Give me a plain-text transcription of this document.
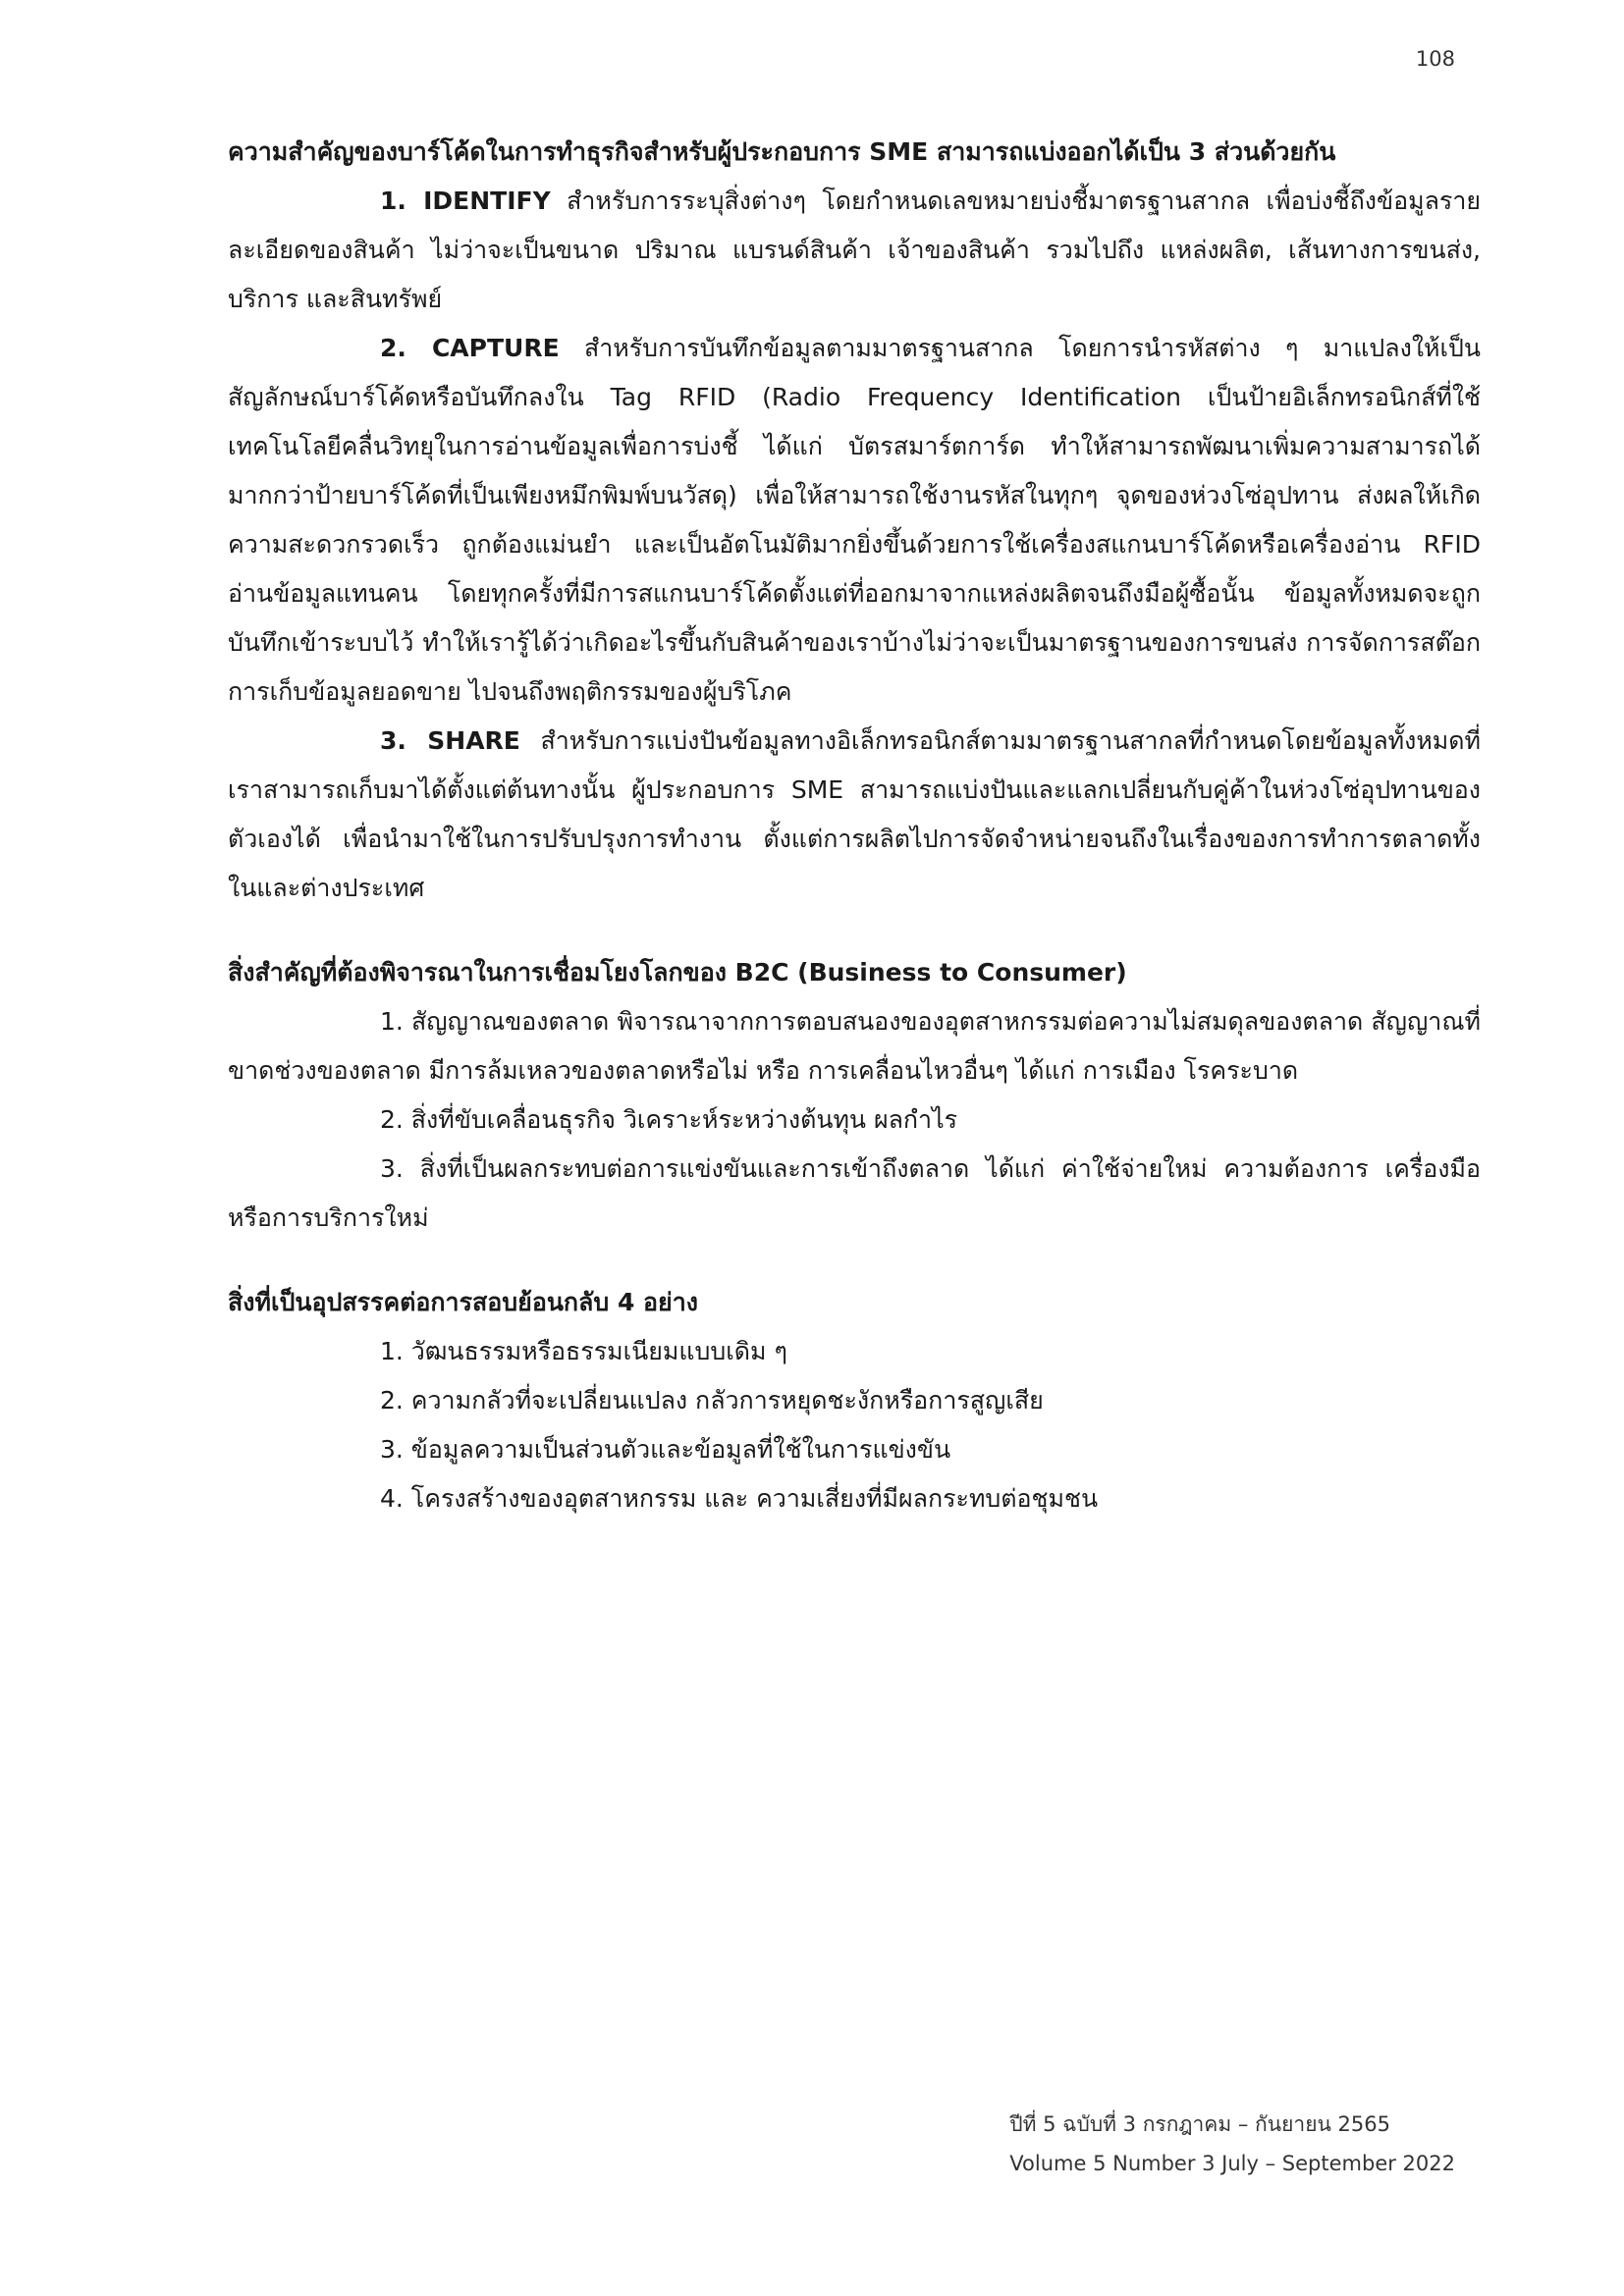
108

ความสำคัญของบาร์โค้ดในการทำธุรกิจสำหรับผู้ประกอบการ SME สามารถแบ่งออกได้เป็น 3 ส่วนด้วยกัน

1. IDENTIFY สำหรับการระบุสิ่งต่างๆ โดยกำหนดเลขหมายบ่งชี้มาตรฐานสากล เพื่อบ่งชี้ถึงข้อมูลรายละเอียดของสินค้า ไม่ว่าจะเป็นขนาด ปริมาณ แบรนด์สินค้า เจ้าของสินค้า รวมไปถึง แหล่งผลิต, เส้นทางการขนส่ง, บริการ และสินทรัพย์

2. CAPTURE สำหรับการบันทึกข้อมูลตามมาตรฐานสากล โดยการนำรหัสต่าง ๆ มาแปลงให้เป็นสัญลักษณ์บาร์โค้ดหรือบันทึกลงใน Tag RFID (Radio Frequency Identification เป็นป้ายอิเล็กทรอนิกส์ที่ใช้เทคโนโลยีคลื่นวิทยุในการอ่านข้อมูลเพื่อการบ่งชี้ ได้แก่ บัตรสมาร์ตการ์ด ทำให้สามารถพัฒนาเพิ่มความสามารถได้มากกว่าป้ายบาร์โค้ดที่เป็นเพียงหมึกพิมพ์บนวัสดุ) เพื่อให้สามารถใช้งานรหัสในทุกๆ จุดของห่วงโซ่อุปทาน ส่งผลให้เกิดความสะดวกรวดเร็ว ถูกต้องแม่นยำ และเป็นอัตโนมัติมากยิ่งขึ้นด้วยการใช้เครื่องสแกนบาร์โค้ดหรือเครื่องอ่าน RFID อ่านข้อมูลแทนคน โดยทุกครั้งที่มีการสแกนบาร์โค้ดตั้งแต่ที่ออกมาจากแหล่งผลิตจนถึงมือผู้ซื้อนั้น ข้อมูลทั้งหมดจะถูกบันทึกเข้าระบบไว้ ทำให้เรารู้ได้ว่าเกิดอะไรขึ้นกับสินค้าของเราบ้างไม่ว่าจะเป็นมาตรฐานของการขนส่ง การจัดการสต๊อก การเก็บข้อมูลยอดขาย ไปจนถึงพฤติกรรมของผู้บริโภค

3. SHARE สำหรับการแบ่งปันข้อมูลทางอิเล็กทรอนิกส์ตามมาตรฐานสากลที่กำหนดโดยข้อมูลทั้งหมดที่เราสามารถเก็บมาได้ตั้งแต่ต้นทางนั้น ผู้ประกอบการ SME สามารถแบ่งปันและแลกเปลี่ยนกับคู่ค้าในห่วงโซ่อุปทานของตัวเองได้ เพื่อนำมาใช้ในการปรับปรุงการทำงาน ตั้งแต่การผลิตไปการจัดจำหน่ายจนถึงในเรื่องของการทำการตลาดทั้งในและต่างประเทศ

สิ่งสำคัญที่ต้องพิจารณาในการเชื่อมโยงโลกของ B2C (Business to Consumer)

1. สัญญาณของตลาด พิจารณาจากการตอบสนองของอุตสาหกรรมต่อความไม่สมดุลของตลาด สัญญาณที่ขาดช่วงของตลาด มีการล้มเหลวของตลาดหรือไม่ หรือ การเคลื่อนไหวอื่นๆ ได้แก่ การเมือง โรคระบาด

2. สิ่งที่ขับเคลื่อนธุรกิจ วิเคราะห์ระหว่างต้นทุน ผลกำไร

3. สิ่งที่เป็นผลกระทบต่อการแข่งขันและการเข้าถึงตลาด ได้แก่ ค่าใช้จ่ายใหม่ ความต้องการ เครื่องมือหรือการบริการใหม่

สิ่งที่เป็นอุปสรรคต่อการสอบย้อนกลับ 4 อย่าง

1. วัฒนธรรมหรือธรรมเนียมแบบเดิม ๆ
2. ความกลัวที่จะเปลี่ยนแปลง กลัวการหยุดชะงักหรือการสูญเสีย
3. ข้อมูลความเป็นส่วนตัวและข้อมูลที่ใช้ในการแข่งขัน
4. โครงสร้างของอุตสาหกรรม และ ความเสี่ยงที่มีผลกระทบต่อชุมชน
ปีที่ 5 ฉบับที่ 3 กรกฎาคม – กันยายน 2565
Volume 5 Number 3 July – September 2022
